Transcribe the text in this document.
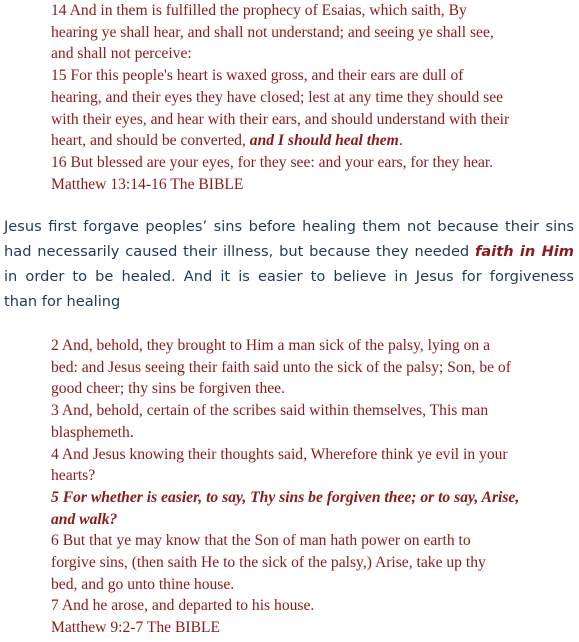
14 And in them is fulfilled the prophecy of Esaias, which saith, By
hearing ye shall hear, and shall not understand; and seeing ye shall see,
and shall not perceive:
15 For this people's heart is waxed gross, and their ears are dull of
hearing, and their eyes they have closed; lest at any time they should see
with their eyes, and hear with their ears, and should understand with their
heart, and should be converted, and I should heal them.
16 But blessed are your eyes, for they see: and your ears, for they hear.
Matthew 13:14-16 The BIBLE
Jesus first forgave peoples’ sins before healing them not because their sins
had necessarily caused their illness, but because they needed faith in Him
in order to be healed. And it is easier to believe in Jesus for forgiveness
than for healing
2 And, behold, they brought to Him a man sick of the palsy, lying on a
bed: and Jesus seeing their faith said unto the sick of the palsy; Son, be of
good cheer; thy sins be forgiven thee.
3 And, behold, certain of the scribes said within themselves, This man
blasphemeth.
4 And Jesus knowing their thoughts said, Wherefore think ye evil in your
hearts?
5 For whether is easier, to say, Thy sins be forgiven thee; or to say, Arise,
and walk?
6 But that ye may know that the Son of man hath power on earth to
forgive sins, (then saith He to the sick of the palsy,) Arise, take up thy
bed, and go unto thine house.
7 And he arose, and departed to his house.
Matthew 9:2-7 The BIBLE
